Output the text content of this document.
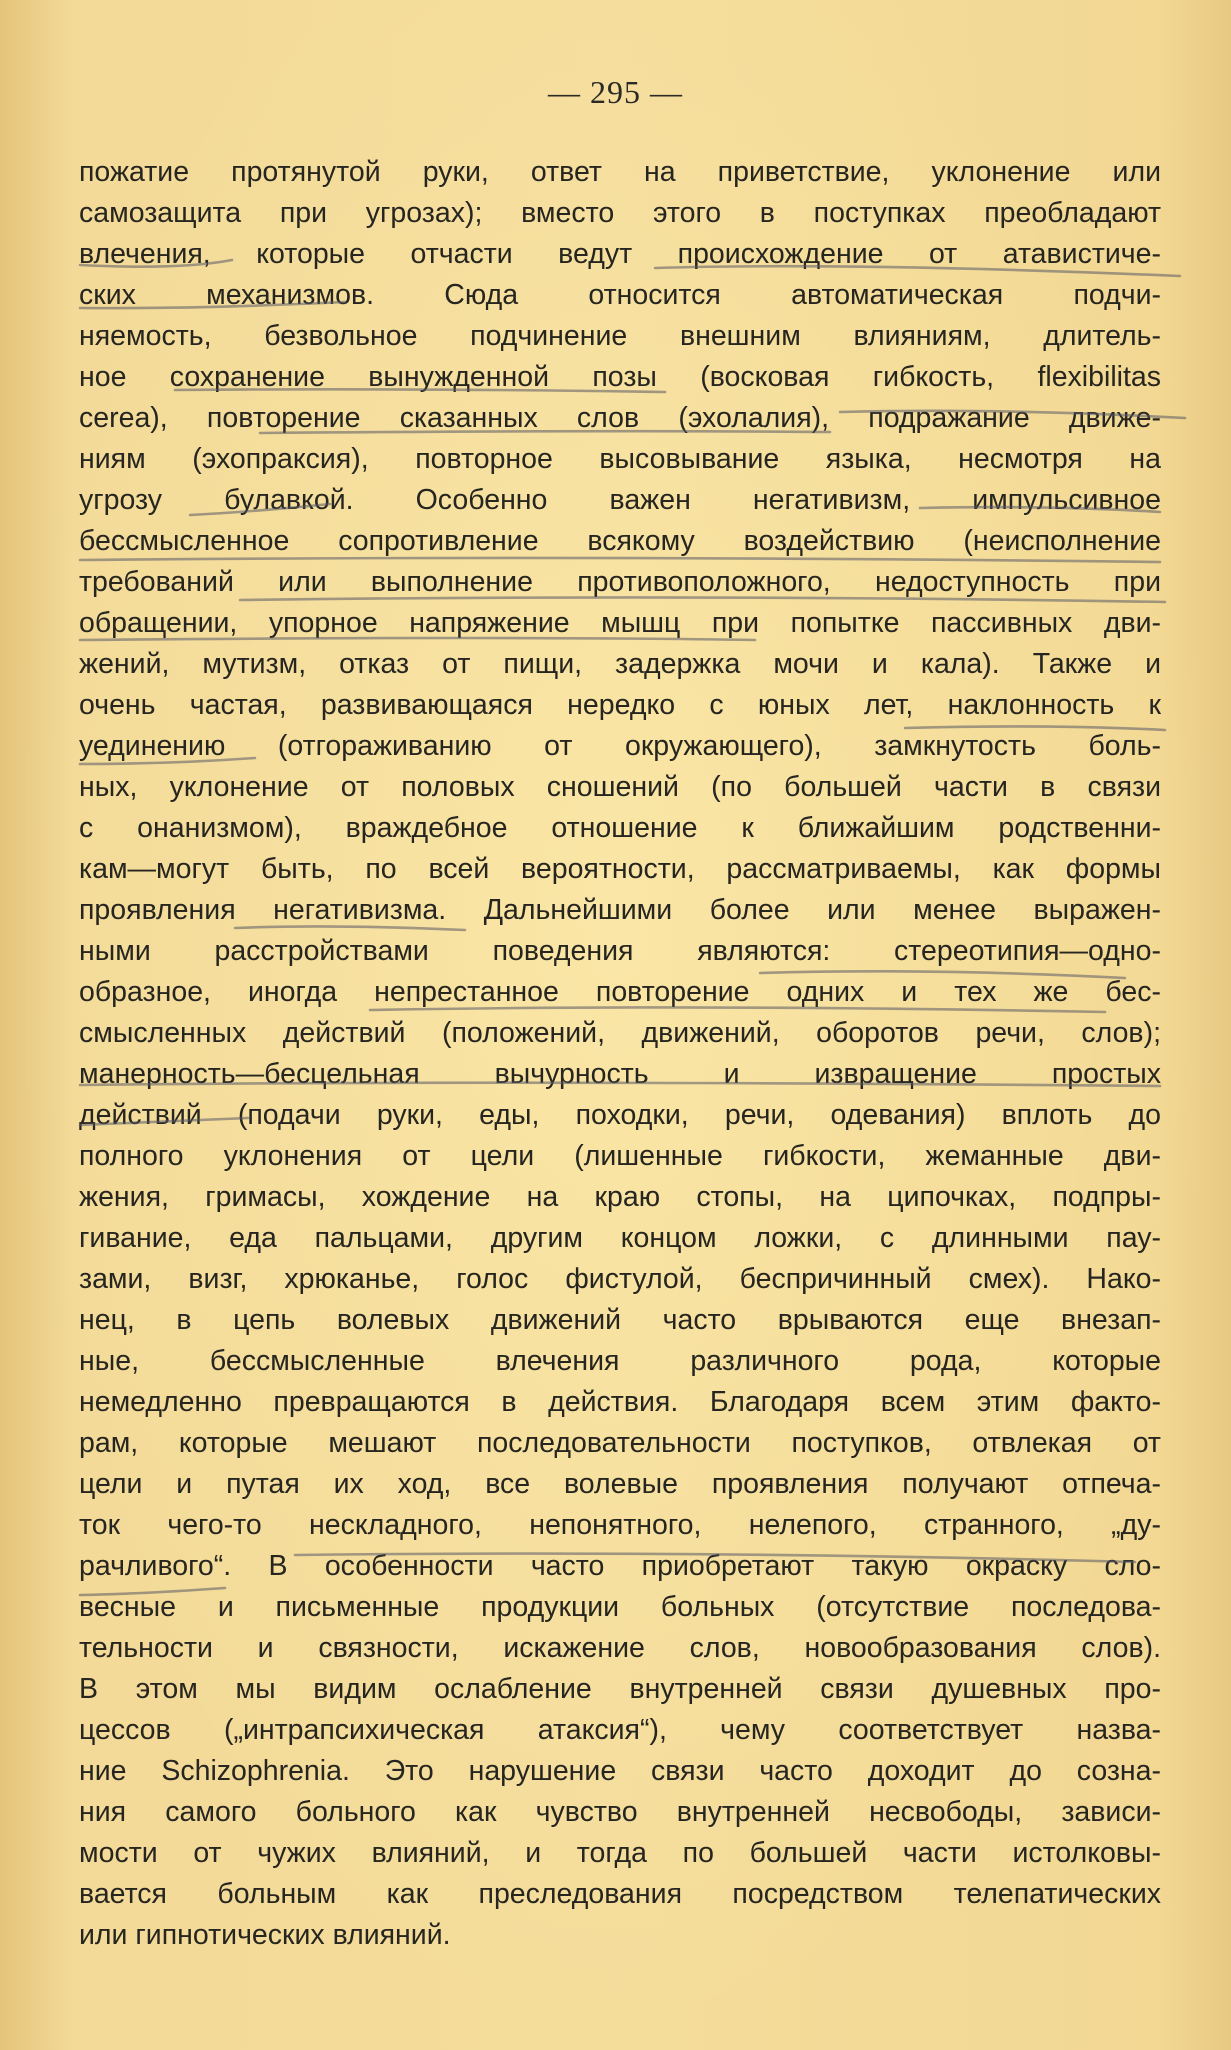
— 295 —
пожатие протянутой руки, ответ на приветствие, уклонение или
самозащита при угрозах); вместо этого в поступках преобладают
влечения, которые отчасти ведут происхождение от атавистиче-
ских механизмов. Сюда относится автоматическая подчи-
няемость, безвольное подчинение внешним влияниям, длитель-
ное сохранение вынужденной позы (восковая гибкость, flexibilitas
cerea), повторение сказанных слов (эхолалия), подражание движе-
ниям (эхопраксия), повторное высовывание языка, несмотря на
угрозу булавкой. Особенно важен негативизм, импульсивное
бессмысленное сопротивление всякому воздействию (неисполнение
требований или выполнение противоположного, недоступность при
обращении, упорное напряжение мышц при попытке пассивных дви-
жений, мутизм, отказ от пищи, задержка мочи и кала). Также и
очень частая, развивающаяся нередко с юных лет, наклонность к
уединению (отгораживанию от окружающего), замкнутость боль-
ных, уклонение от половых сношений (по большей части в связи
с онанизмом), враждебное отношение к ближайшим родственни-
кам—могут быть, по всей вероятности, рассматриваемы, как формы
проявления негативизма. Дальнейшими более или менее выражен-
ными расстройствами поведения являются: стереотипия—одно-
образное, иногда непрестанное повторение одних и тех же бес-
смысленных действий (положений, движений, оборотов речи, слов);
манерность—бесцельная вычурность и извращение простых
действий (подачи руки, еды, походки, речи, одевания) вплоть до
полного уклонения от цели (лишенные гибкости, жеманные дви-
жения, гримасы, хождение на краю стопы, на ципочках, подпры-
гивание, еда пальцами, другим концом ложки, с длинными пау-
зами, визг, хрюканье, голос фистулой, беспричинный смех). Нако-
нец, в цепь волевых движений часто врываются еще внезап-
ные, бессмысленные влечения различного рода, которые
немедленно превращаются в действия. Благодаря всем этим факто-
рам, которые мешают последовательности поступков, отвлекая от
цели и путая их ход, все волевые проявления получают отпеча-
ток чего-то нескладного, непонятного, нелепого, странного, „ду-
рачливого“. В особенности часто приобретают такую окраску сло-
весные и письменные продукции больных (отсутствие последова-
тельности и связности, искажение слов, новообразования слов).
В этом мы видим ослабление внутренней связи душевных про-
цессов („интрапсихическая атаксия“), чему соответствует назва-
ние Schizophrenia. Это нарушение связи часто доходит до созна-
ния самого больного как чувство внутренней несвободы, зависи-
мости от чужих влияний, и тогда по большей части истолковы-
вается больным как преследования посредством телепатических
или гипнотических влияний.
